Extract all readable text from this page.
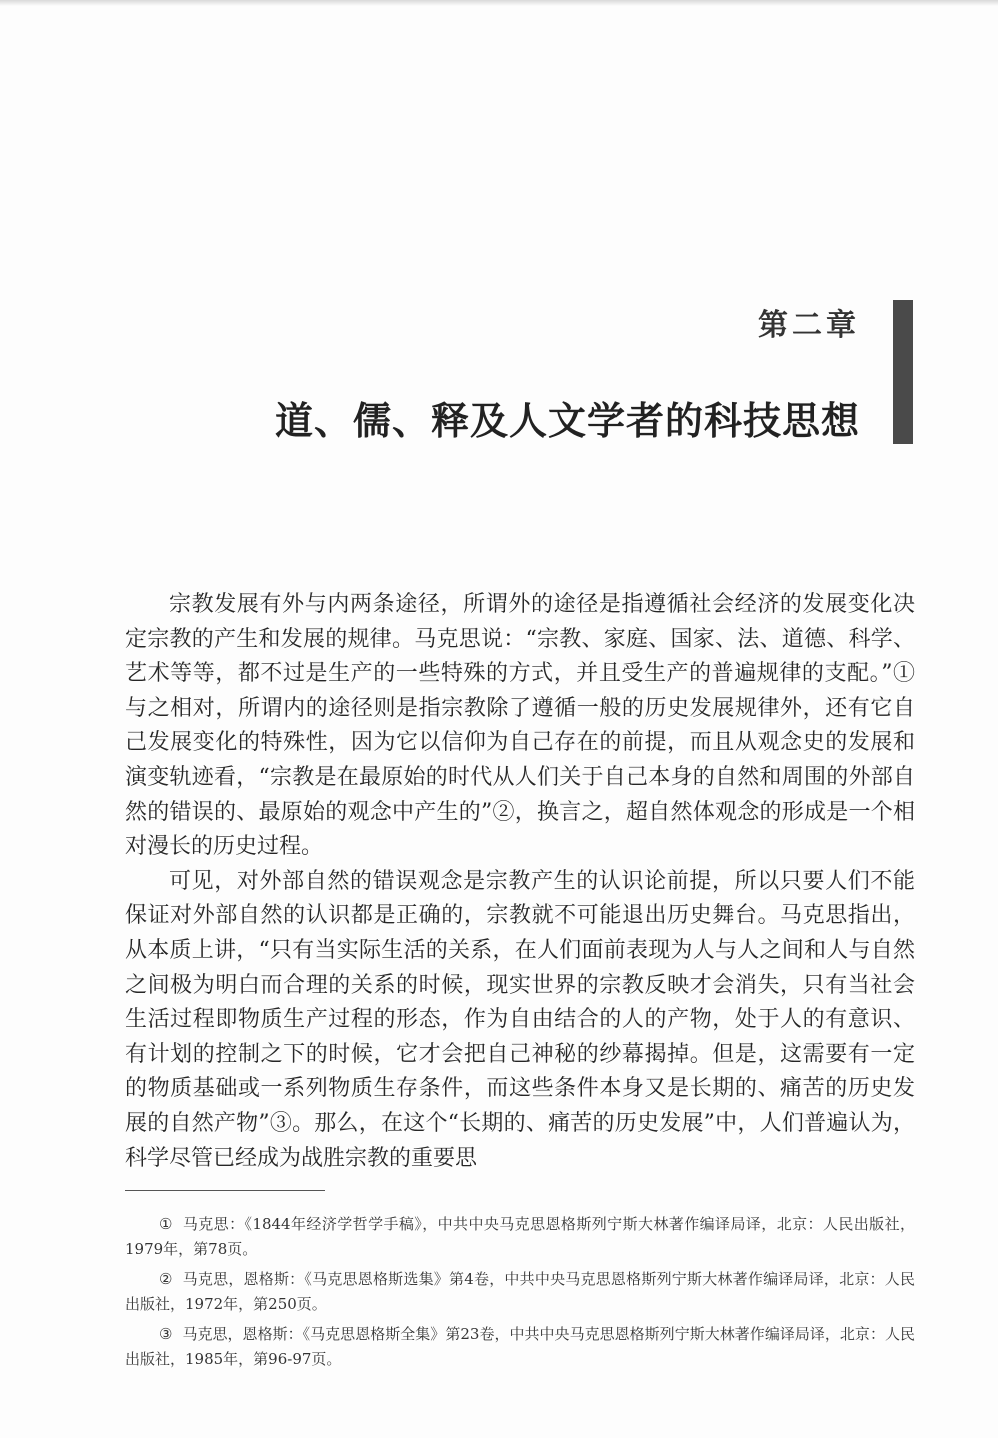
第二章
道、儒、释及人文学者的科技思想

宗教发展有外与内两条途径，所谓外的途径是指遵循社会经济的发展变化决定宗教的产生和发展的规律。马克思说：“宗教、家庭、国家、法、道德、科学、艺术等等，都不过是生产的一些特殊的方式，并且受生产的普遍规律的支配。”① 与之相对，所谓内的途径则是指宗教除了遵循一般的历史发展规律外，还有它自己发展变化的特殊性，因为它以信仰为自己存在的前提，而且从观念史的发展和演变轨迹看，“宗教是在最原始的时代从人们关于自己本身的自然和周围的外部自然的错误的、最原始的观念中产生的”②，换言之，超自然体观念的形成是一个相对漫长的历史过程。

可见，对外部自然的错误观念是宗教产生的认识论前提，所以只要人们不能保证对外部自然的认识都是正确的，宗教就不可能退出历史舞台。马克思指出，从本质上讲，“只有当实际生活的关系，在人们面前表现为人与人之间和人与自然之间极为明白而合理的关系的时候，现实世界的宗教反映才会消失，只有当社会生活过程即物质生产过程的形态，作为自由结合的人的产物，处于人的有意识、有计划的控制之下的时候，它才会把自己神秘的纱幕揭掉。但是，这需要有一定的物质基础或一系列物质生存条件，而这些条件本身又是长期的、痛苦的历史发展的自然产物”③。那么，在这个“长期的、痛苦的历史发展”中，人们普遍认为，科学尽管已经成为战胜宗教的重要思

① 马克思：《1844年经济学哲学手稿》，中共中央马克思恩格斯列宁斯大林著作编译局译，北京：人民出版社，1979年，第78页。

② 马克思，恩格斯：《马克思恩格斯选集》第4卷，中共中央马克思恩格斯列宁斯大林著作编译局译，北京：人民出版社，1972年，第250页。

③ 马克思，恩格斯：《马克思恩格斯全集》第23卷，中共中央马克思恩格斯列宁斯大林著作编译局译，北京：人民出版社，1985年，第96-97页。
